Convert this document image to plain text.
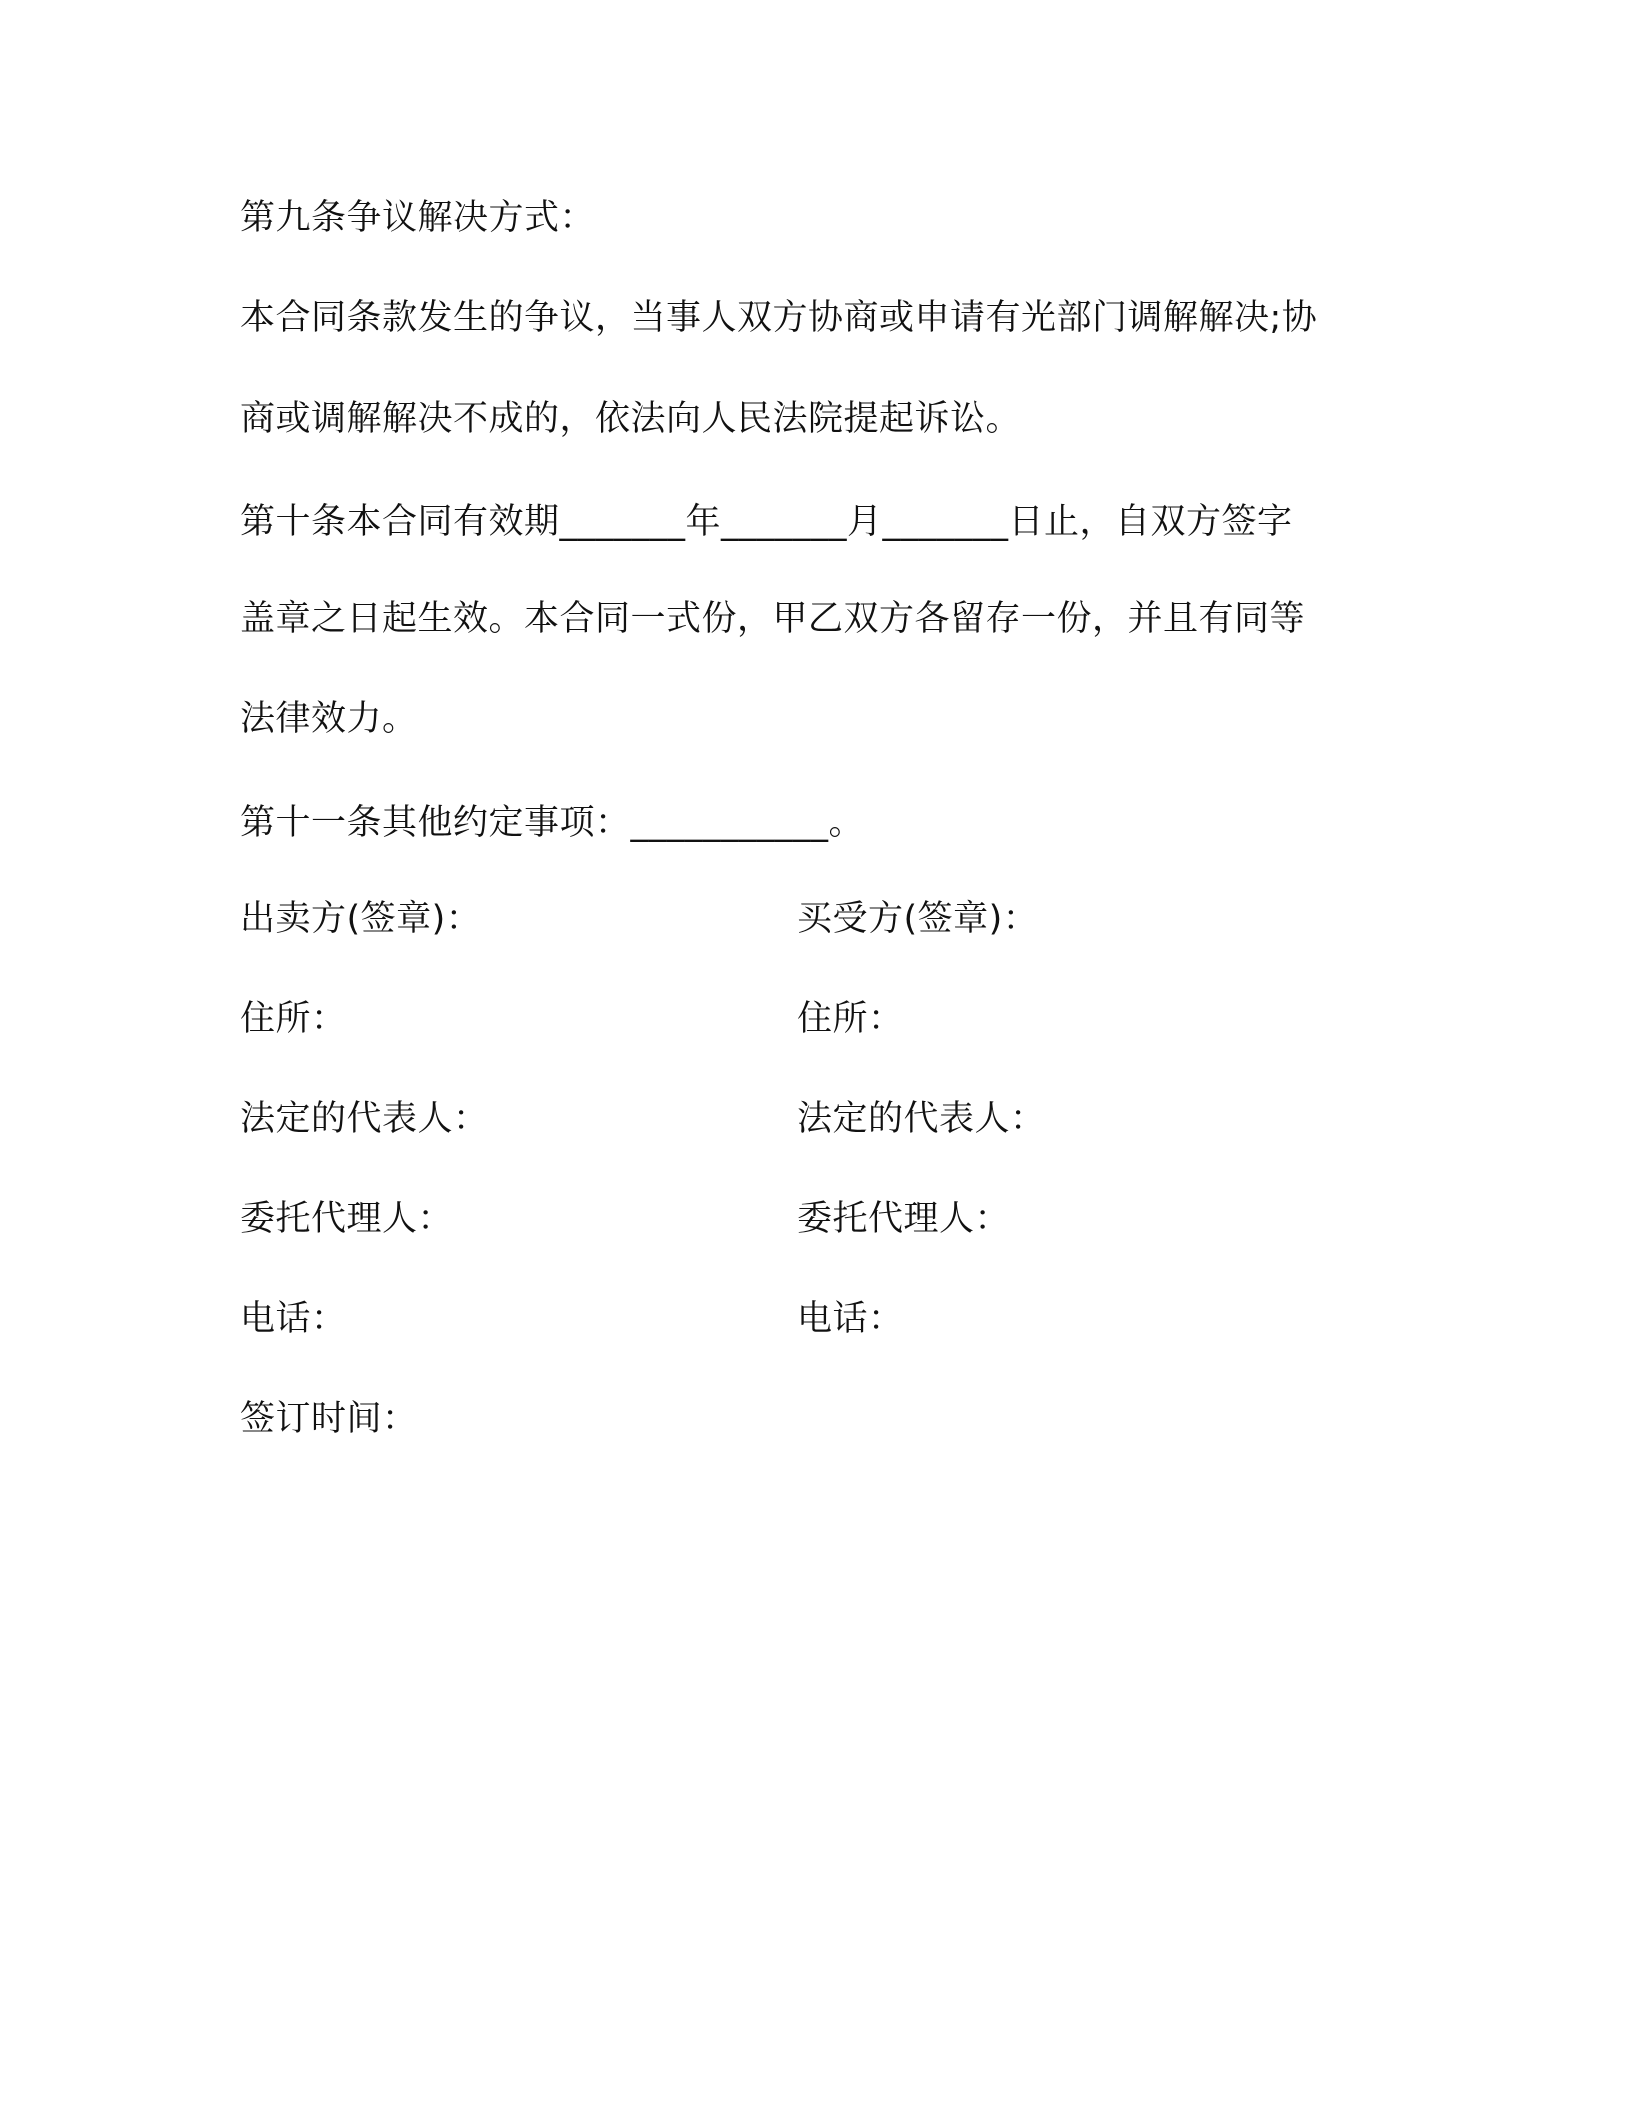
第九条争议解决方式：
本合同条款发生的争议，当事人双方协商或申请有光部门调解解决;协
商或调解解决不成的，依法向人民法院提起诉讼。
第十条本合同有效期_______年_______月_______日止，自双方签字
盖章之日起生效。本合同一式份，甲乙双方各留存一份，并且有同等
法律效力。
第十一条其他约定事项：___________。
出卖方(签章)：	买受方(签章)：
住所：	住所：
法定的代表人：	法定的代表人：
委托代理人：	委托代理人：
电话：	电话：
签订时间：
